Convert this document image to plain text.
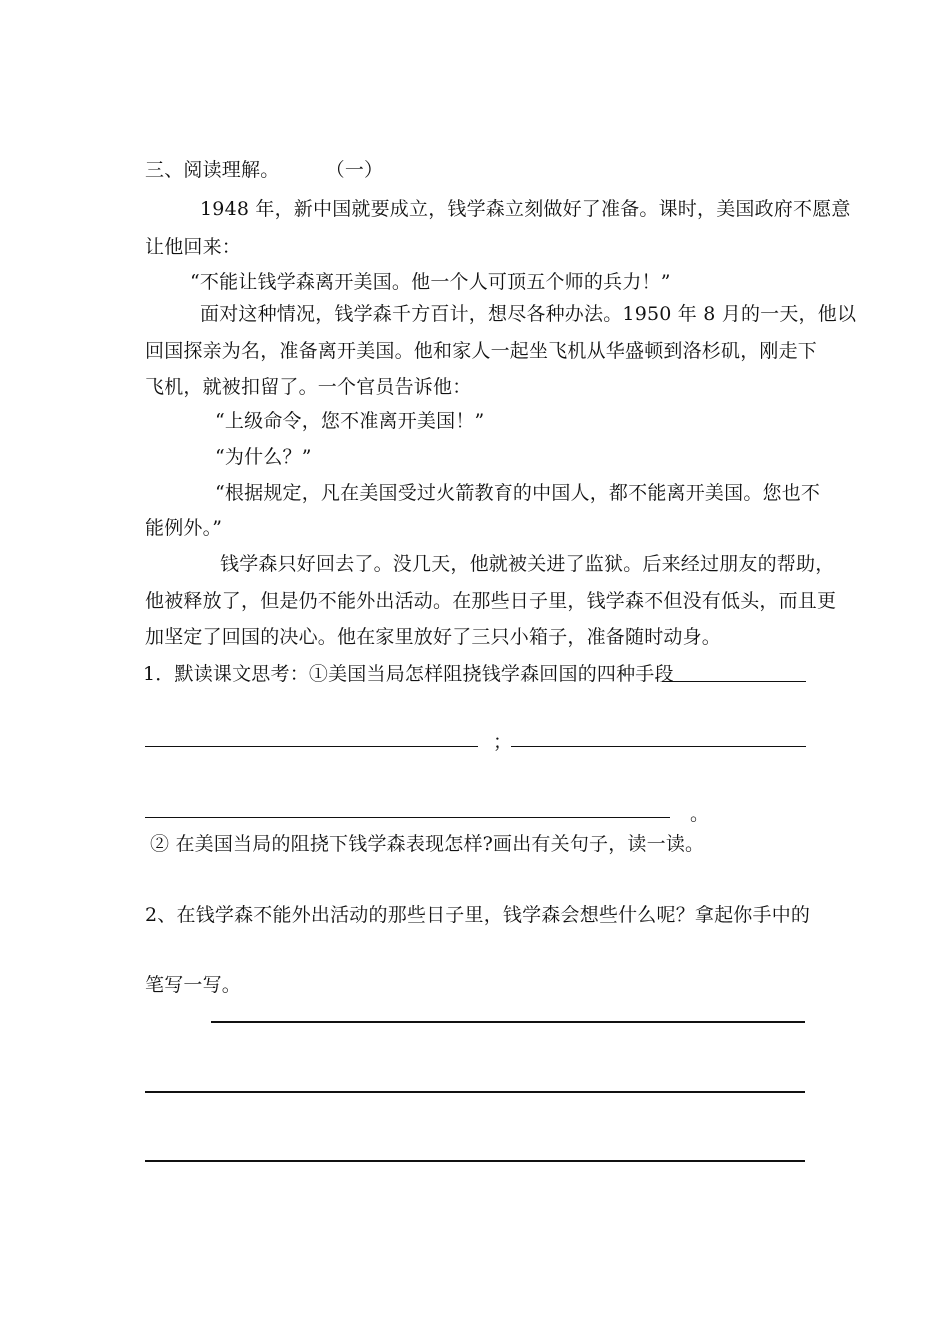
三、阅读理解。 （一）
1948 年，新中国就要成立，钱学森立刻做好了准备。课时，美国政府不愿意
让他回来：
“不能让钱学森离开美国。他一个人可顶五个师的兵力！”
面对这种情况，钱学森千方百计，想尽各种办法。1950 年 8 月的一天，他以
回国探亲为名，准备离开美国。他和家人一起坐飞机从华盛顿到洛杉矶，刚走下
飞机，就被扣留了。一个官员告诉他：
“上级命令，您不准离开美国！”
“为什么？”
“根据规定，凡在美国受过火箭教育的中国人，都不能离开美国。您也不
能例外。”
钱学森只好回去了。没几天，他就被关进了监狱。后来经过朋友的帮助，
他被释放了，但是仍不能外出活动。在那些日子里，钱学森不但没有低头，而且更
加坚定了回国的决心。他在家里放好了三只小箱子，准备随时动身。
1．默读课文思考：①美国当局怎样阻挠钱学森回国的四种手段
；
。
② 在美国当局的阻挠下钱学森表现怎样?画出有关句子，读一读。
2、在钱学森不能外出活动的那些日子里，钱学森会想些什么呢？拿起你手中的
笔写一写。
